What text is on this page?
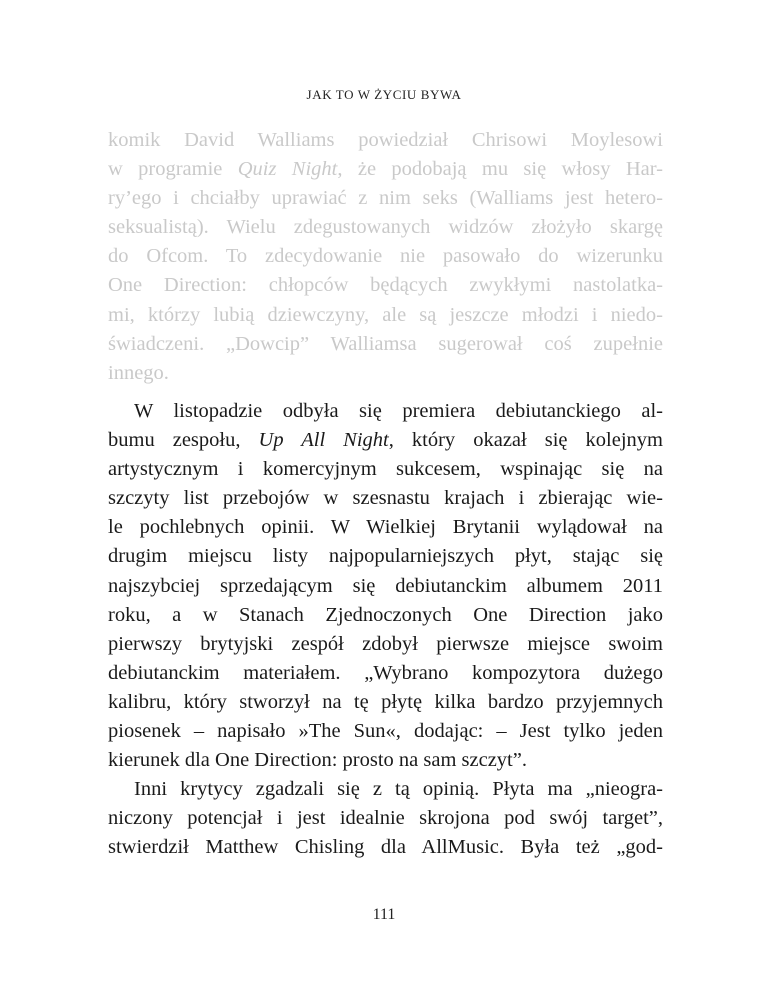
JAK TO W ŻYCIU BYWA
komik David Walliams powiedział Chrisowi Moylesowi
w programie Quiz Night, że podobają mu się włosy Har-
ry’ego i chciałby uprawiać z nim seks (Walliams jest hetero-
seksualistą). Wielu zdegustowanych widzów złożyło skargę
do Ofcom. To zdecydowanie nie pasowało do wizerunku
One Direction: chłopców będących zwykłymi nastolatka-
mi, którzy lubią dziewczyny, ale są jeszcze młodzi i niedo-
świadczeni. „Dowcip” Walliamsa sugerował coś zupełnie
innego.
W listopadzie odbyła się premiera debiutanckiego al-
bumu zespołu, Up All Night, który okazał się kolejnym
artystycznym i komercyjnym sukcesem, wspinając się na
szczyty list przebojów w szesnastu krajach i zbierając wie-
le pochlebnych opinii. W Wielkiej Brytanii wylądował na
drugim miejscu listy najpopularniejszych płyt, stając się
najszybciej sprzedającym się debiutanckim albumem 2011
roku, a w Stanach Zjednoczonych One Direction jako
pierwszy brytyjski zespół zdobył pierwsze miejsce swoim
debiutanckim materiałem. „Wybrano kompozytora dużego
kalibru, który stworzył na tę płytę kilka bardzo przyjemnych
piosenek – napisało »The Sun«, dodając: – Jest tylko jeden
kierunek dla One Direction: prosto na sam szczyt”.
Inni krytycy zgadzali się z tą opinią. Płyta ma „nieogra-
niczony potencjał i jest idealnie skrojona pod swój target”,
stwierdził Matthew Chisling dla AllMusic. Była też „god-
111
